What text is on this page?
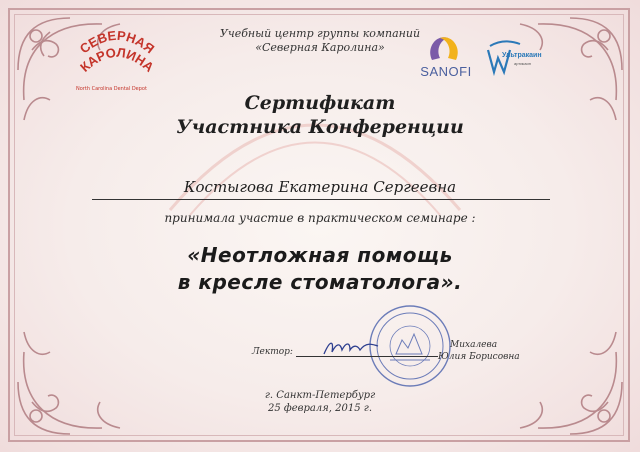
СЕВЕРНАЯ
КАРОЛИНА
North Carolina Dental Depot
Учебный центр группы компаний
«Северная Каролина»
SANOFI
Ультракаин
артикаин
Сертификат
Участника Конференции
Костыгова Екатерина Сергеевна
принимала участие в практическом семинаре :
«Неотложная помощь
в кресле стоматолога».
Лектор:
Михалева
Юлия Борисовна
г. Санкт-Петербург
25 февраля, 2015 г.
